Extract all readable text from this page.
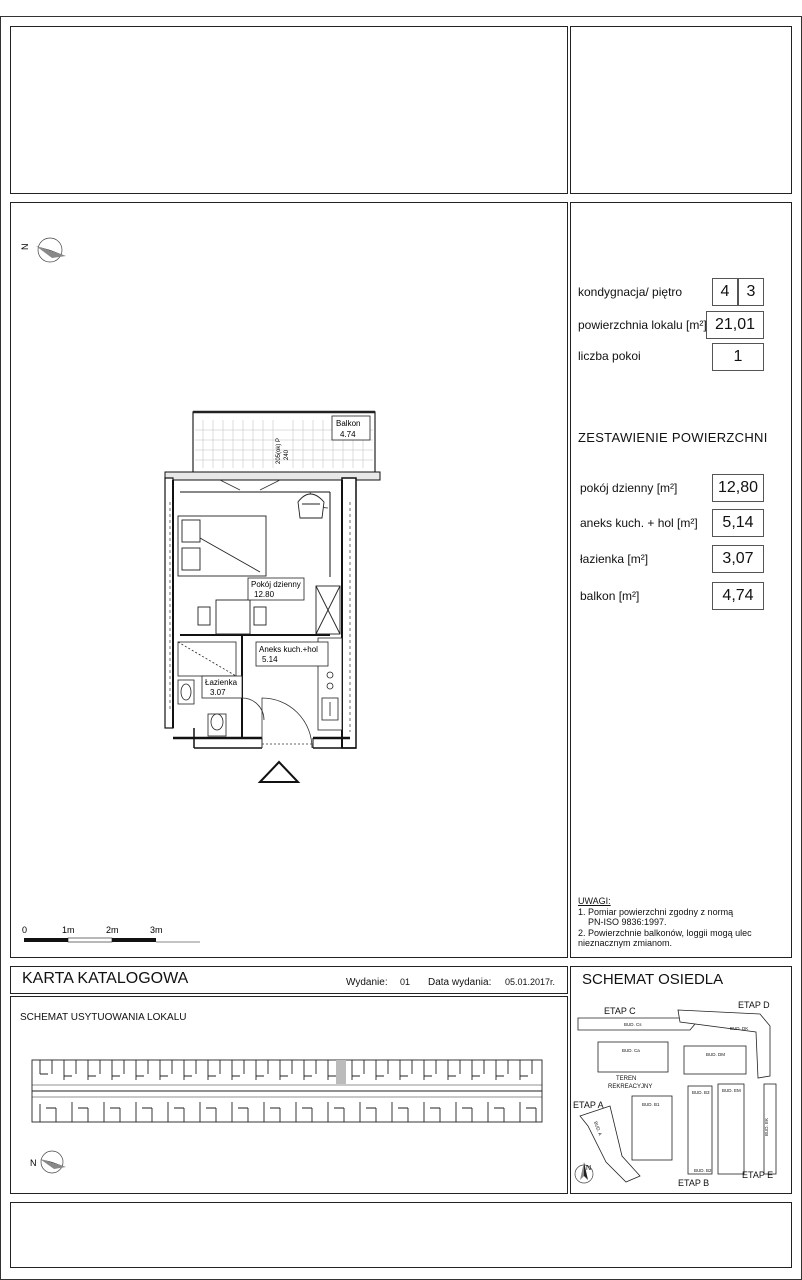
kondygnacja/ piętro	4	3
powierzchnia lokalu [m²] 21,01
liczba pokoi	1
ZESTAWIENIE POWIERZCHNI
pokój dzienny [m²]	12,80
aneks kuch. + hol [m²]	5,14
łazienka [m²]	3,07
balkon [m²]	4,74
UWAGI:
1. Pomiar powierzchni zgodny z normą
PN-ISO 9836:1997.
2. Powierzchnie balkonów, loggii mogą ulec
nieznacznym zmianom.
N
Balkon
4.74
205(ok) P 240
Pokój dzienny
12.80
Aneks kuch.+hol
5.14
Łazienka
3.07
0	1m	2m	3m
KARTA KATALOGOWA	Wydanie: 01 Data wydania: 05.01.2017r.
SCHEMAT USYTUOWANIA LOKALU
N
SCHEMAT OSIEDLA
ETAP C
ETAP D
ETAP A
ETAP B
ETAP E
TEREN
REKREACYJNY
BUD. Cs
BUD. Ca
BUD. DK
BUD. DM
BUD. B3	BUD. EM
BUD. B1
BUD. B2
BUD. EK
BUD. A
N
